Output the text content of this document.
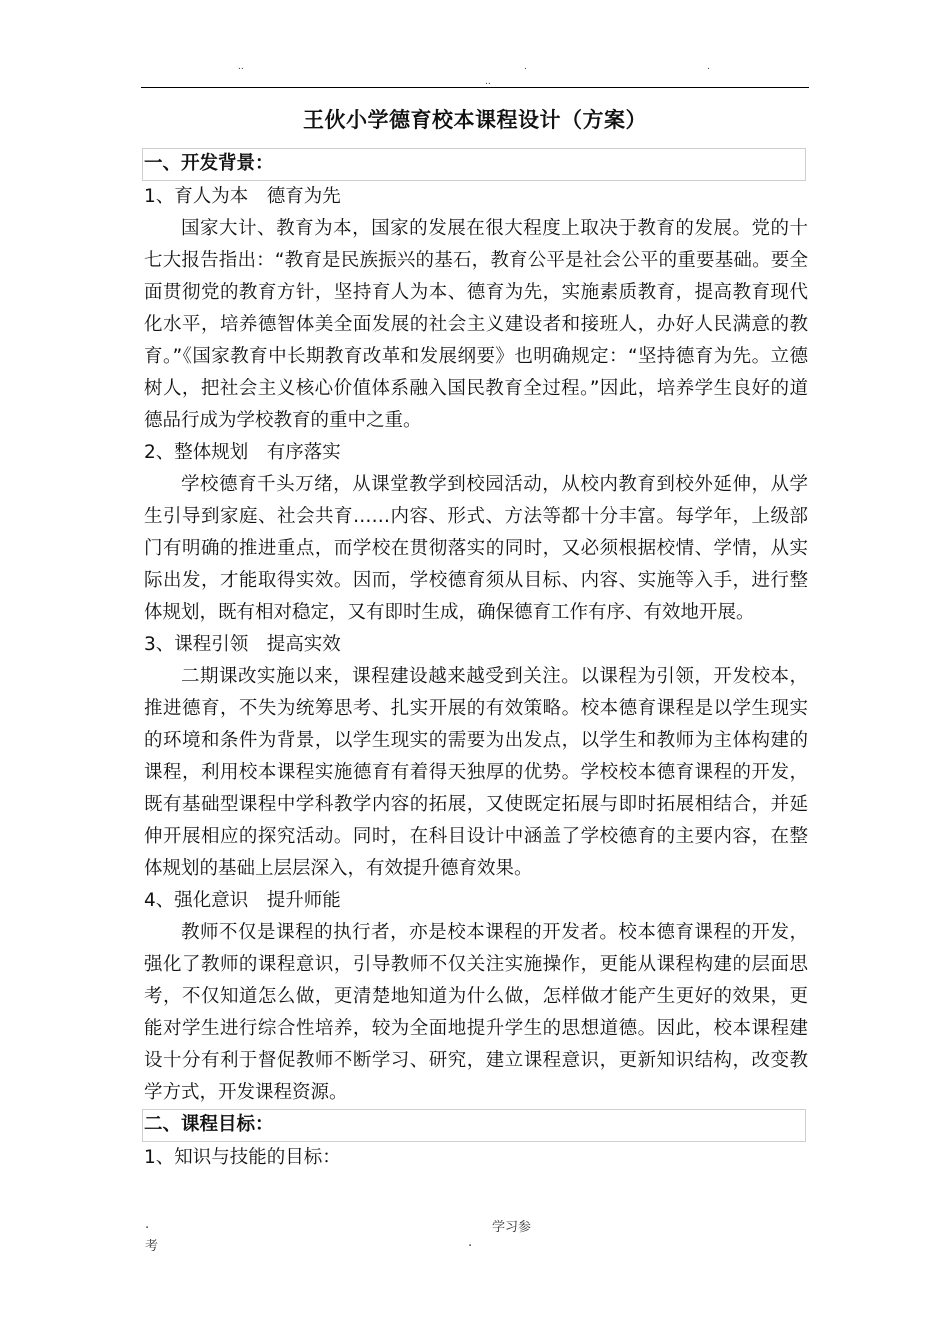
..	.	.
..
王伙小学德育校本课程设计（方案）
一、开发背景：
1、育人为本　德育为先
国家大计、教育为本，国家的发展在很大程度上取决于教育的发展。党的十七大报告指出：“教育是民族振兴的基石，教育公平是社会公平的重要基础。要全面贯彻党的教育方针，坚持育人为本、德育为先，实施素质教育，提高教育现代化水平，培养德智体美全面发展的社会主义建设者和接班人，办好人民满意的教育。”《国家教育中长期教育改革和发展纲要》也明确规定：“坚持德育为先。立德树人，把社会主义核心价值体系融入国民教育全过程。”因此，培养学生良好的道德品行成为学校教育的重中之重。
2、整体规划　有序落实
学校德育千头万绪，从课堂教学到校园活动，从校内教育到校外延伸，从学生引导到家庭、社会共育……内容、形式、方法等都十分丰富。每学年，上级部门有明确的推进重点，而学校在贯彻落实的同时，又必须根据校情、学情，从实际出发，才能取得实效。因而，学校德育须从目标、内容、实施等入手，进行整体规划，既有相对稳定，又有即时生成，确保德育工作有序、有效地开展。
3、课程引领　提高实效
二期课改实施以来，课程建设越来越受到关注。以课程为引领，开发校本，推进德育，不失为统筹思考、扎实开展的有效策略。校本德育课程是以学生现实的环境和条件为背景，以学生现实的需要为出发点，以学生和教师为主体构建的课程，利用校本课程实施德育有着得天独厚的优势。学校校本德育课程的开发，既有基础型课程中学科教学内容的拓展，又使既定拓展与即时拓展相结合，并延伸开展相应的探究活动。同时，在科目设计中涵盖了学校德育的主要内容，在整体规划的基础上层层深入，有效提升德育效果。
4、强化意识　提升师能
教师不仅是课程的执行者，亦是校本课程的开发者。校本德育课程的开发，强化了教师的课程意识，引导教师不仅关注实施操作，更能从课程构建的层面思考，不仅知道怎么做，更清楚地知道为什么做，怎样做才能产生更好的效果，更能对学生进行综合性培养，较为全面地提升学生的思想道德。因此，校本课程建设十分有利于督促教师不断学习、研究，建立课程意识，更新知识结构，改变教学方式，开发课程资源。
二、课程目标：
1、知识与技能的目标：
.	学习参
考	.
